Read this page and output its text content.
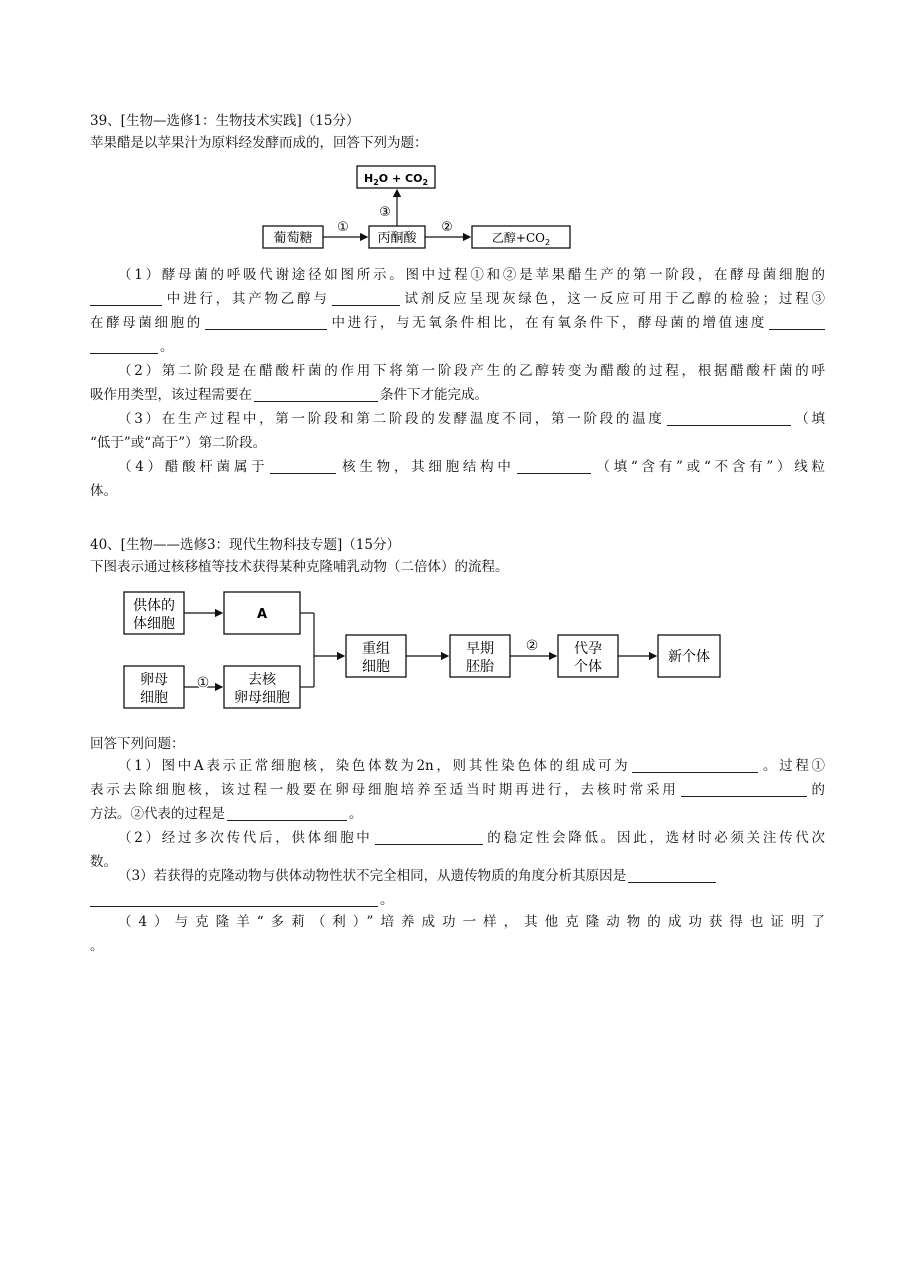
39、[生物—选修1：生物技术实践]（15分）
苹果醋是以苹果汁为原料经发酵而成的，回答下列为题：
$H_2O + CO_2$
葡萄糖	丙酮酸	乙醇$+CO_2$
①	②
③
（1）酵母菌的呼吸代谢途径如图所示。图中过程①和②是苹果醋生产的第一阶段，在酵母菌细胞的
中进行，其产物乙醇与	试剂反应呈现灰绿色，这一反应可用于乙醇的检验；过程③
在酵母菌细胞的	中进行，与无氧条件相比，在有氧条件下，酵母菌的增值速度
。
（2）第二阶段是在醋酸杆菌的作用下将第一阶段产生的乙醇转变为醋酸的过程，根据醋酸杆菌的呼
吸作用类型，该过程需要在	条件下才能完成。
（3）在生产过程中，第一阶段和第二阶段的发酵温度不同，第一阶段的温度	（填
“低于”或“高于”）第二阶段。
（4）醋酸杆菌属于	核生物，其细胞结构中	（填“含有”或“不含有”）线粒
体。
40、[生物——选修3：现代生物科技专题]（15分）
下图表示通过核移植等技术获得某种克隆哺乳动物（二倍体）的流程。
供体的
体细胞
A
卵母
细胞
去核
卵母细胞
重组
细胞
早期
胚胎
代孕
个体
新个体
①
②
回答下列问题：
（1）图中A表示正常细胞核，染色体数为2n，则其性染色体的组成可为	。过程①
表示去除细胞核，该过程一般要在卵母细胞培养至适当时期再进行，去核时常采用	的
方法。②代表的过程是	。
（2）经过多次传代后，供体细胞中	的稳定性会降低。因此，选材时必须关注传代次
数。
（3）若获得的克隆动物与供体动物性状不完全相同，从遗传物质的角度分析其原因是
。
（4）与克隆羊“多莉（利）”培养成功一样，其他克隆动物的成功获得也证明了
。
